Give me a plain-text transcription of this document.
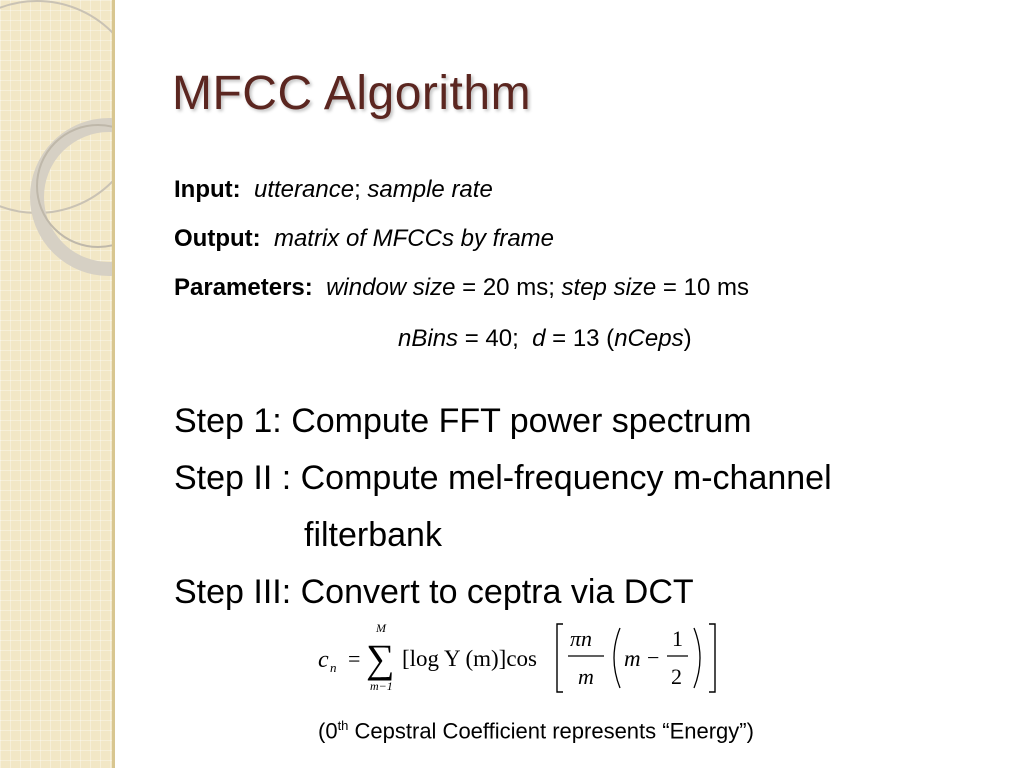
MFCC Algorithm
Input: utterance; sample rate
Output: matrix of MFCCs by frame
Parameters: window size = 20 ms; step size = 10 ms
nBins = 40; d = 13 (nCeps)
Step 1: Compute FFT power spectrum
Step II : Compute mel-frequency m-channel
filterbank
Step III: Convert to ceptra via DCT
c n =
M
∑
m−1
[log Y (m)]cos
πn
m
m −
1
2
(0th Cepstral Coefficient represents “Energy”)
